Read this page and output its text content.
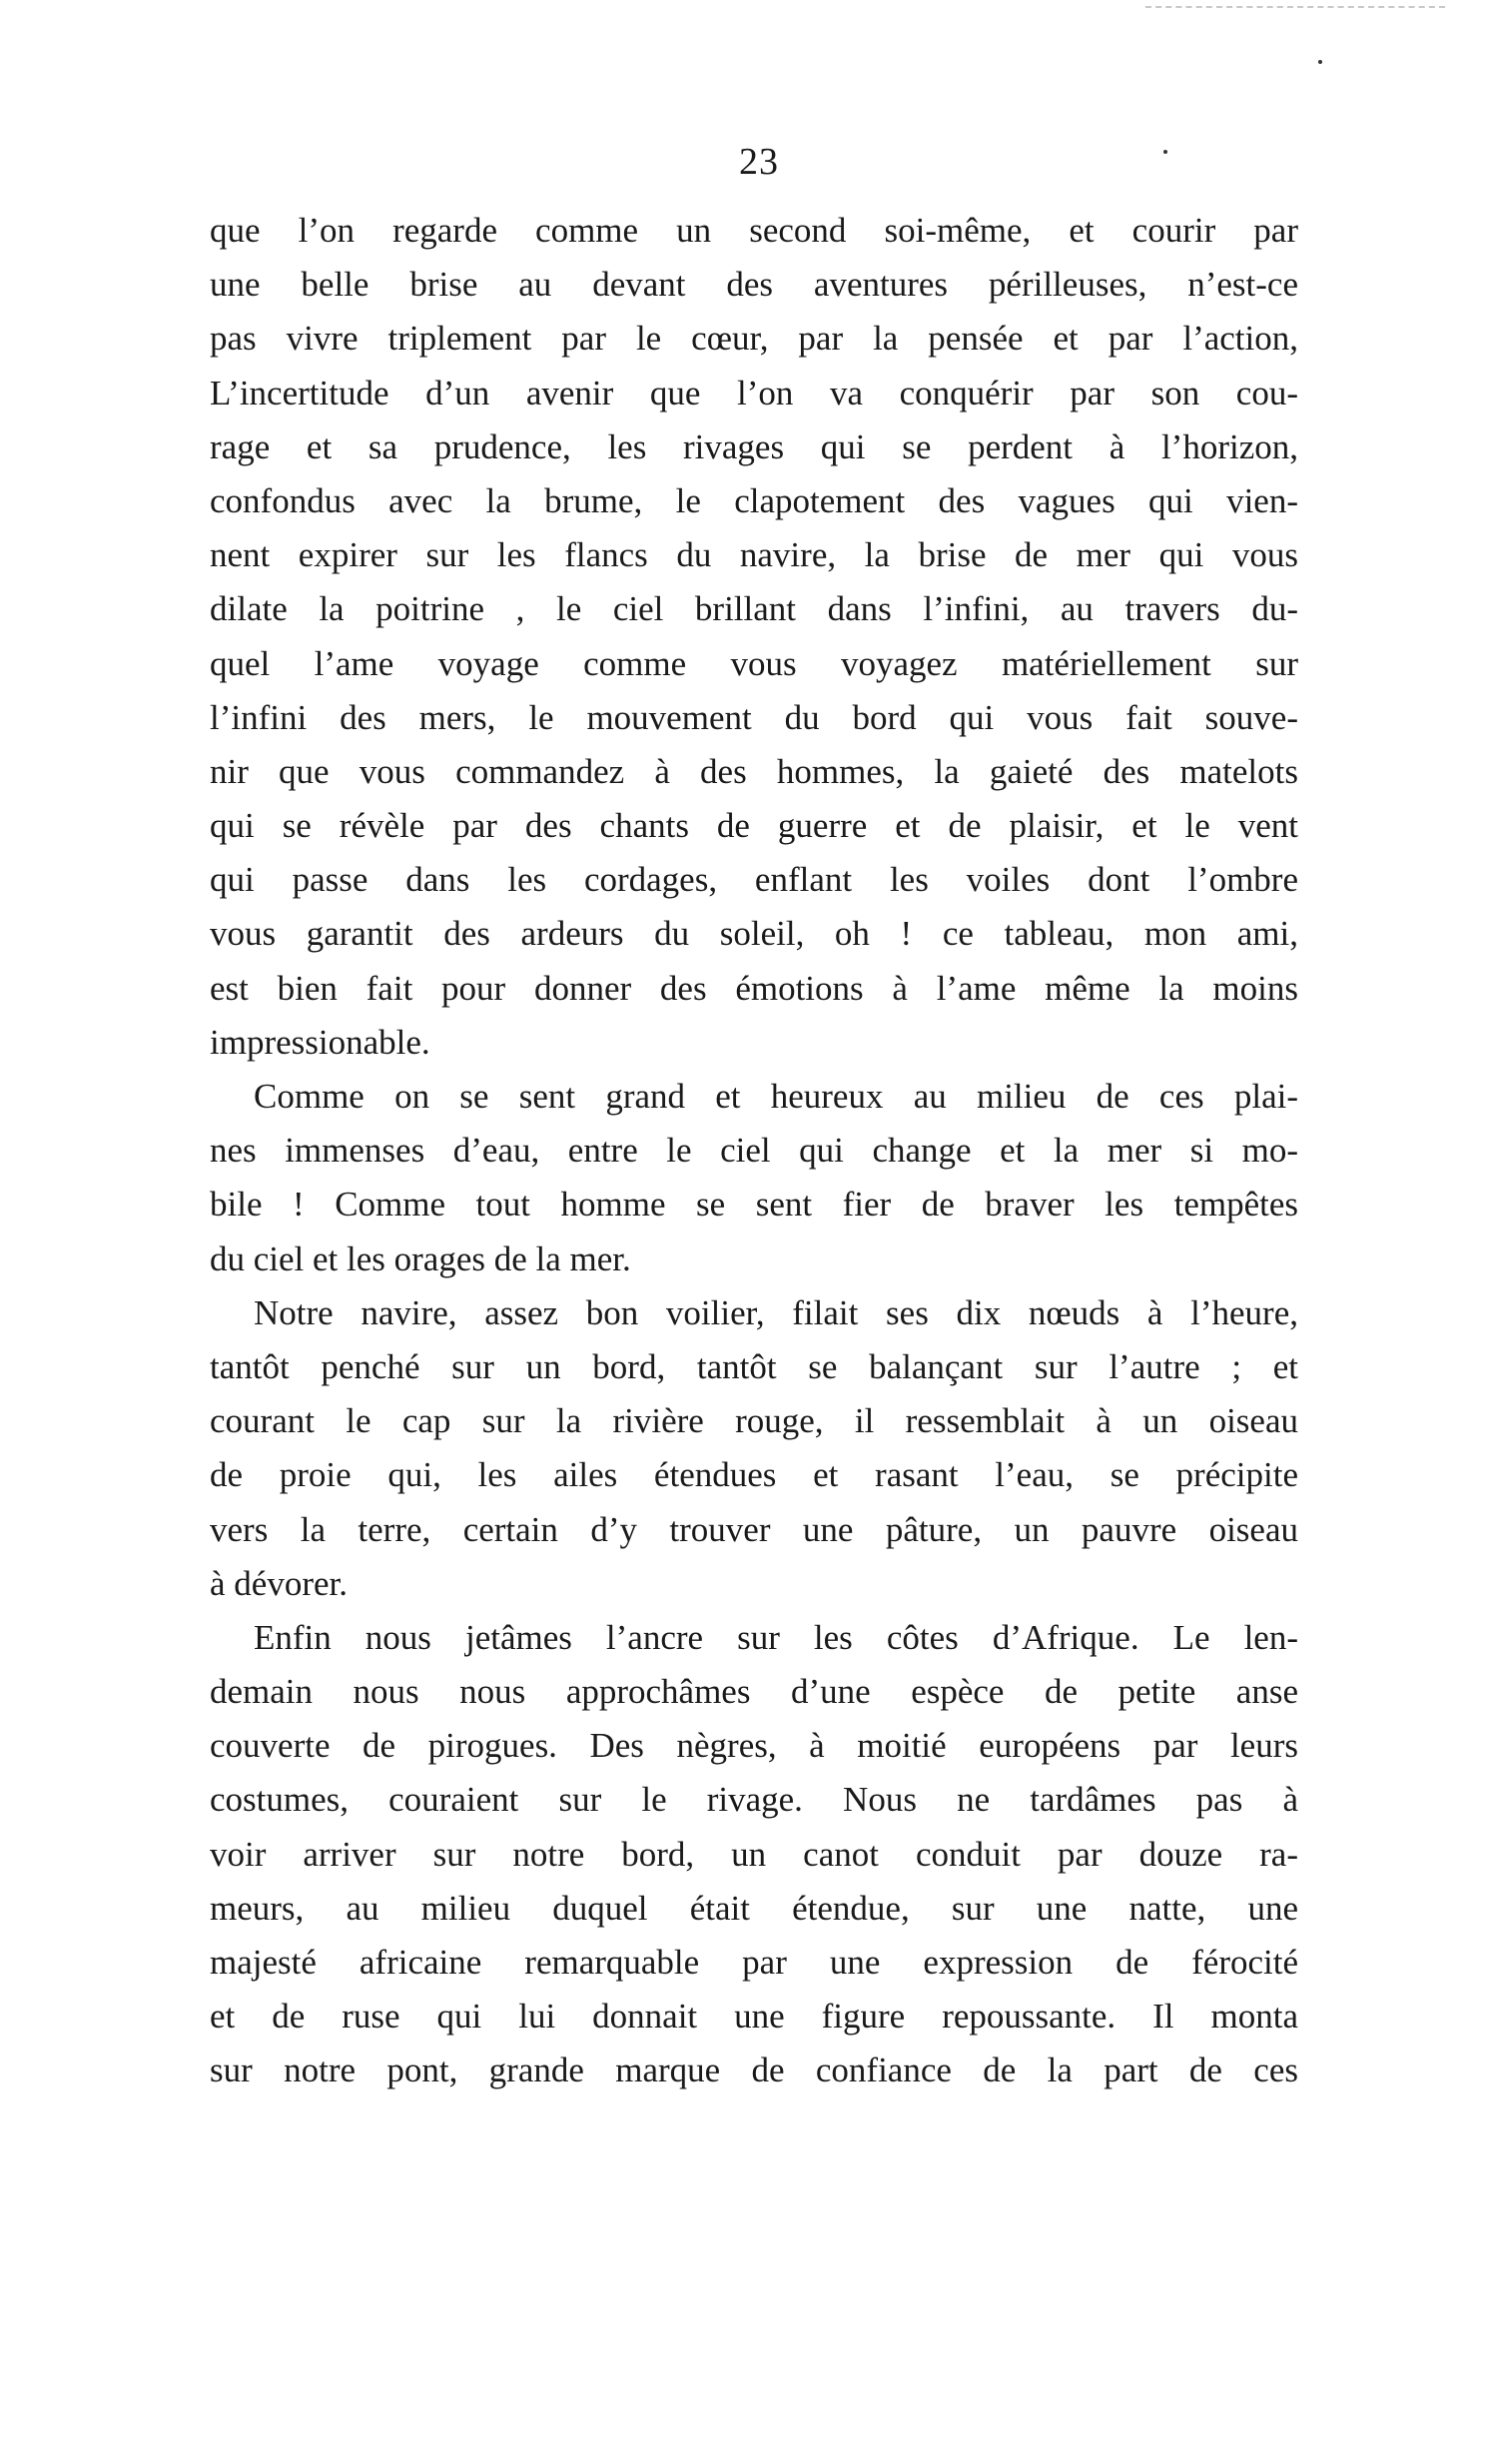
23
que l’on regarde comme un second soi-même, et courir par
une belle brise au devant des aventures périlleuses, n’est-ce
pas vivre triplement par le cœur, par la pensée et par l’action,
L’incertitude d’un avenir que l’on va conquérir par son cou-
rage et sa prudence, les rivages qui se perdent à l’horizon,
confondus avec la brume, le clapotement des vagues qui vien-
nent expirer sur les flancs du navire, la brise de mer qui vous
dilate la poitrine , le ciel brillant dans l’infini, au travers du-
quel l’ame voyage comme vous voyagez matériellement sur
l’infini des mers, le mouvement du bord qui vous fait souve-
nir que vous commandez à des hommes, la gaieté des matelots
qui se révèle par des chants de guerre et de plaisir, et le vent
qui passe dans les cordages, enflant les voiles dont l’ombre
vous garantit des ardeurs du soleil, oh ! ce tableau, mon ami,
est bien fait pour donner des émotions à l’ame même la moins
impressionable.
Comme on se sent grand et heureux au milieu de ces plai-
nes immenses d’eau, entre le ciel qui change et la mer si mo-
bile ! Comme tout homme se sent fier de braver les tempêtes
du ciel et les orages de la mer.
Notre navire, assez bon voilier, filait ses dix nœuds à l’heure,
tantôt penché sur un bord, tantôt se balançant sur l’autre ; et
courant le cap sur la rivière rouge, il ressemblait à un oiseau
de proie qui, les ailes étendues et rasant l’eau, se précipite
vers la terre, certain d’y trouver une pâture, un pauvre oiseau
à dévorer.
Enfin nous jetâmes l’ancre sur les côtes d’Afrique. Le len-
demain nous nous approchâmes d’une espèce de petite anse
couverte de pirogues. Des nègres, à moitié européens par leurs
costumes, couraient sur le rivage. Nous ne tardâmes pas à
voir arriver sur notre bord, un canot conduit par douze ra-
meurs, au milieu duquel était étendue, sur une natte, une
majesté africaine remarquable par une expression de férocité
et de ruse qui lui donnait une figure repoussante. Il monta
sur notre pont, grande marque de confiance de la part de ces
